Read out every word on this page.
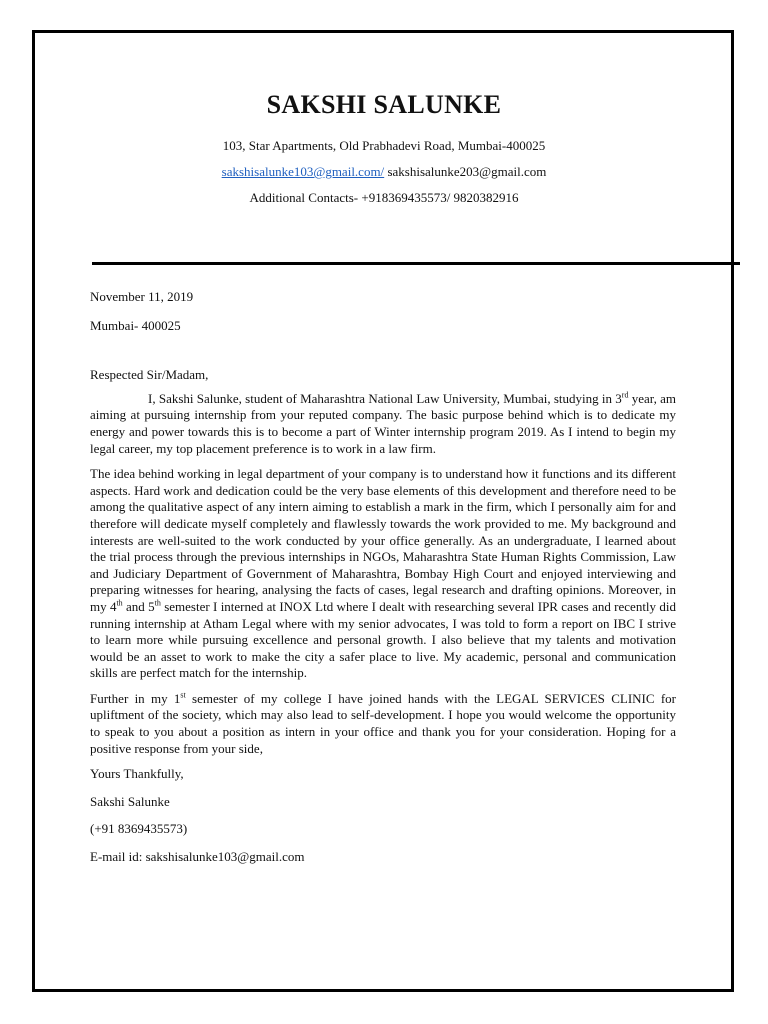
SAKSHI SALUNKE
103, Star Apartments, Old Prabhadevi Road, Mumbai-400025
sakshisalunke103@gmail.com/ sakshisalunke203@gmail.com
Additional Contacts- +918369435573/ 9820382916
November 11, 2019
Mumbai- 400025
Respected Sir/Madam,
I, Sakshi Salunke, student of Maharashtra National Law University, Mumbai, studying in 3rd year, am aiming at pursuing internship from your reputed company. The basic purpose behind which is to dedicate my energy and power towards this is to become a part of Winter internship program 2019. As I intend to begin my legal career, my top placement preference is to work in a law firm.
The idea behind working in legal department of your company is to understand how it functions and its different aspects. Hard work and dedication could be the very base elements of this development and therefore need to be among the qualitative aspect of any intern aiming to establish a mark in the firm, which I personally aim for and therefore will dedicate myself completely and flawlessly towards the work provided to me. My background and interests are well-suited to the work conducted by your office generally. As an undergraduate, I learned about the trial process through the previous internships in NGOs, Maharashtra State Human Rights Commission, Law and Judiciary Department of Government of Maharashtra, Bombay High Court and enjoyed interviewing and preparing witnesses for hearing, analysing the facts of cases, legal research and drafting opinions. Moreover, in my 4th and 5th semester I interned at INOX Ltd where I dealt with researching several IPR cases and recently did running internship at Atham Legal where with my senior advocates, I was told to form a report on IBC I strive to learn more while pursuing excellence and personal growth. I also believe that my talents and motivation would be an asset to work to make the city a safer place to live. My academic, personal and communication skills are perfect match for the internship.
Further in my 1st semester of my college I have joined hands with the LEGAL SERVICES CLINIC for upliftment of the society, which may also lead to self-development. I hope you would welcome the opportunity to speak to you about a position as intern in your office and thank you for your consideration. Hoping for a positive response from your side,
Yours Thankfully,
Sakshi Salunke
(+91 8369435573)
E-mail id: sakshisalunke103@gmail.com
